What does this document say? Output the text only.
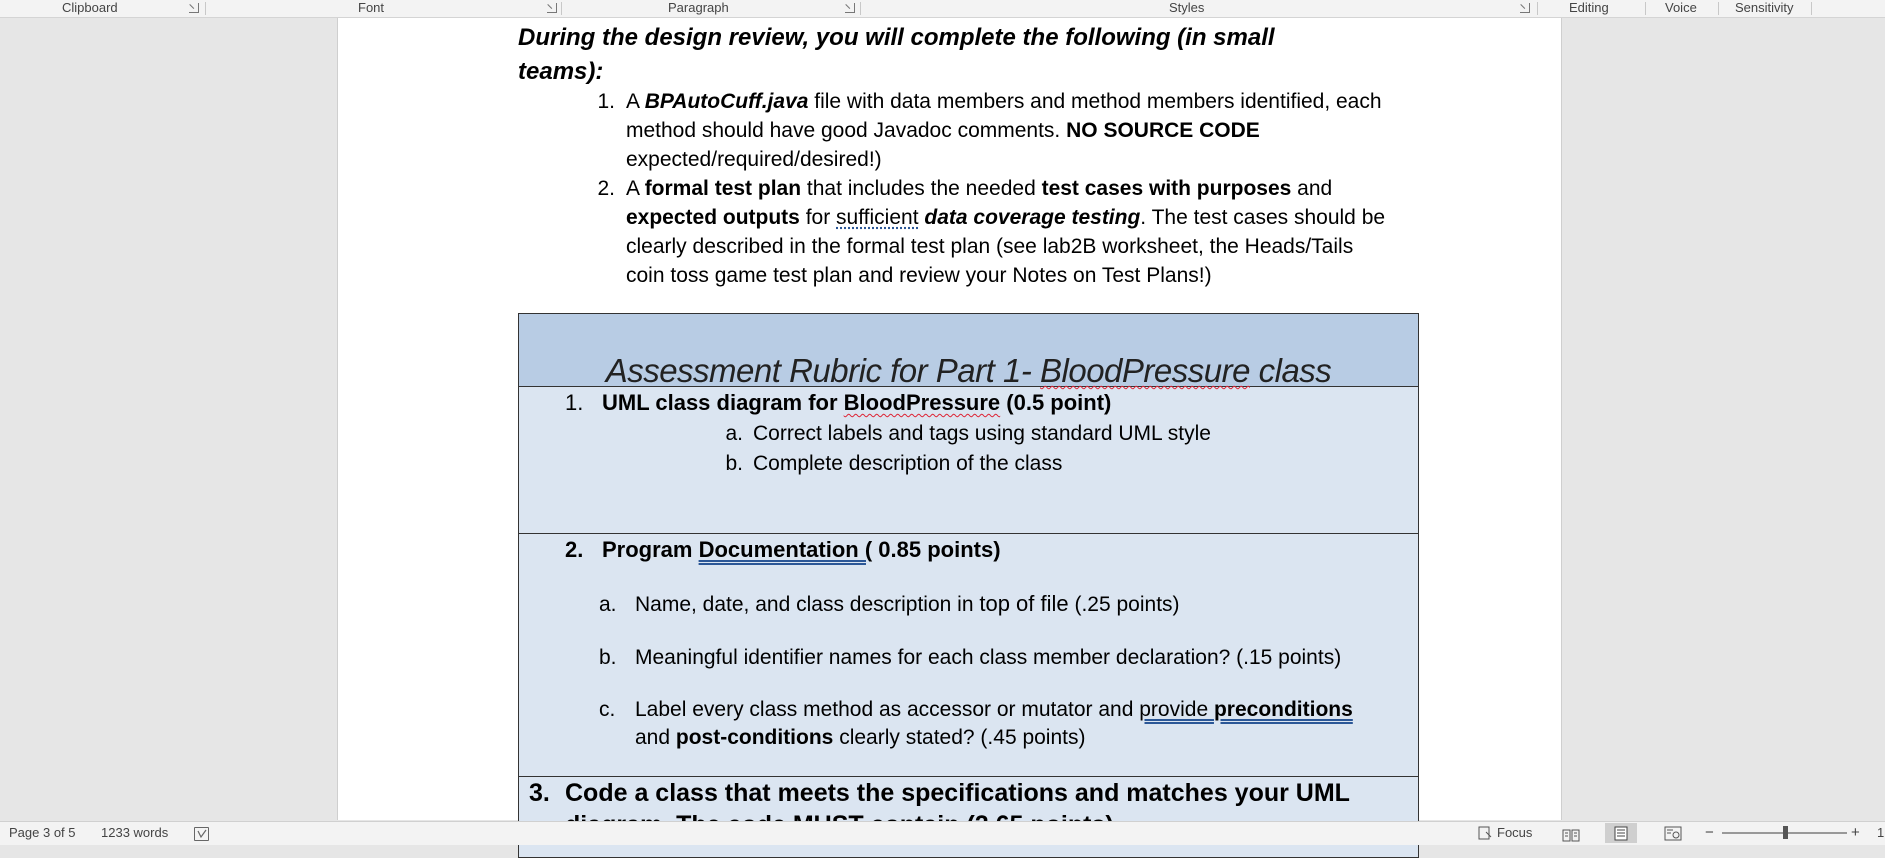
Clipboard	Font	Paragraph	Styles	Editing	Voice	Sensitivity
During the design review, you will complete the following (in small teams):
1. A BPAutoCuff.java file with data members and method members identified, each method should have good Javadoc comments. NO SOURCE CODE expected/required/desired!)
2. A formal test plan that includes the needed test cases with purposes and expected outputs for sufficient data coverage testing. The test cases should be clearly described in the formal test plan (see lab2B worksheet, the Heads/Tails coin toss game test plan and review your Notes on Test Plans!)
Assessment Rubric for Part 1- BloodPressure class
1. UML class diagram for BloodPressure (0.5 point)
a. Correct labels and tags using standard UML style
b. Complete description of the class
2. Program Documentation ( 0.85 points)
a. Name, date, and class description in top of file (.25 points)
b. Meaningful identifier names for each class member declaration? (.15 points)
c. Label every class method as accessor or mutator and provide preconditions
and post-conditions clearly stated? (.45 points)
3. Code a class that meets the specifications and matches your UML
Page 3 of 5 1233 words	Focus	−	+ 1
